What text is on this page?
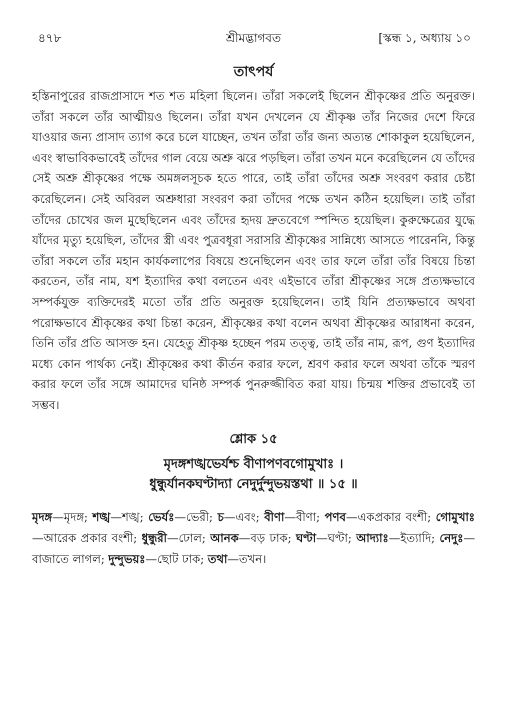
৪৭৮	শ্রীমদ্ভাগবত	[স্কন্ধ ১, অধ্যায় ১০
তাৎপর্য

হস্তিনাপুরের রাজপ্রাসাদে শত শত মহিলা ছিলেন। তাঁরা সকলেই ছিলেন শ্রীকৃষ্ণের প্রতি অনুরক্ত। তাঁরা সকলে তাঁর আত্মীয়ও ছিলেন। তাঁরা যখন দেখলেন যে শ্রীকৃষ্ণ তাঁর নিজের দেশে ফিরে যাওয়ার জন্য প্রাসাদ ত্যাগ করে চলে যাচ্ছেন, তখন তাঁরা তাঁর জন্য অত্যন্ত শোকাকুল হয়েছিলেন, এবং স্বাভাবিকভাবেই তাঁদের গাল বেয়ে অশ্রু ঝরে পড়ছিল। তাঁরা তখন মনে করেছিলেন যে তাঁদের সেই অশ্রু শ্রীকৃষ্ণের পক্ষে অমঙ্গলসূচক হতে পারে, তাই তাঁরা তাঁদের অশ্রু সংবরণ করার চেষ্টা করেছিলেন। সেই অবিরল অশ্রুধারা সংবরণ করা তাঁদের পক্ষে তখন কঠিন হয়েছিল। তাই তাঁরা তাঁদের চোখের জল মুছেছিলেন এবং তাঁদের হৃদয় দ্রুতবেগে স্পন্দিত হয়েছিল। কুরুক্ষেত্রের যুদ্ধে যাঁদের মৃত্যু হয়েছিল, তাঁদের স্ত্রী এবং পুত্রবধূরা সরাসরি শ্রীকৃষ্ণের সান্নিধ্যে আসতে পারেননি, কিন্তু তাঁরা সকলে তাঁর মহান কার্যকলাপের বিষয়ে শুনেছিলেন এবং তার ফলে তাঁরা তাঁর বিষয়ে চিন্তা করতেন, তাঁর নাম, যশ ইত্যাদির কথা বলতেন এবং এইভাবে তাঁরা শ্রীকৃষ্ণের সঙ্গে প্রত্যক্ষভাবে সম্পর্কযুক্ত ব্যক্তিদেরই মতো তাঁর প্রতি অনুরক্ত হয়েছিলেন। তাই যিনি প্রত্যক্ষভাবে অথবা পরোক্ষভাবে শ্রীকৃষ্ণের কথা চিন্তা করেন, শ্রীকৃষ্ণের কথা বলেন অথবা শ্রীকৃষ্ণের আরাধনা করেন, তিনি তাঁর প্রতি আসক্ত হন। যেহেতু শ্রীকৃষ্ণ হচ্ছেন পরম তত্ত্ব, তাই তাঁর নাম, রূপ, গুণ ইত্যাদির মধ্যে কোন পার্থক্য নেই। শ্রীকৃষ্ণের কথা কীর্তন করার ফলে, শ্রবণ করার ফলে অথবা তাঁকে স্মরণ করার ফলে তাঁর সঙ্গে আমাদের ঘনিষ্ঠ সম্পর্ক পুনরুজ্জীবিত করা যায়। চিন্ময় শক্তির প্রভাবেই তা সম্ভব।

শ্লোক ১৫
মৃদঙ্গশঙ্খভের্যশ্চ বীণাপণবগোমুখাঃ ।
ধুন্ধুর্যানকঘণ্টাদ্যা নেদুর্দুন্দুভয়স্তথা ॥ ১৫ ॥
মৃদঙ্গ—মৃদঙ্গ; শঙ্খ—শঙ্খ; ভের্যঃ—ভেরী; চ—এবং; বীণা—বীণা; পণব—একপ্রকার বংশী; গোমুখাঃ—আরেক প্রকার বংশী; ধুন্ধুরী—ঢোল; আনক—বড় ঢাক; ঘণ্টা—ঘণ্টা; আদ্যাঃ—ইত্যাদি; নেদুঃ—বাজাতে লাগল; দুন্দুভয়ঃ—ছোট ঢাক; তথা—তখন।
